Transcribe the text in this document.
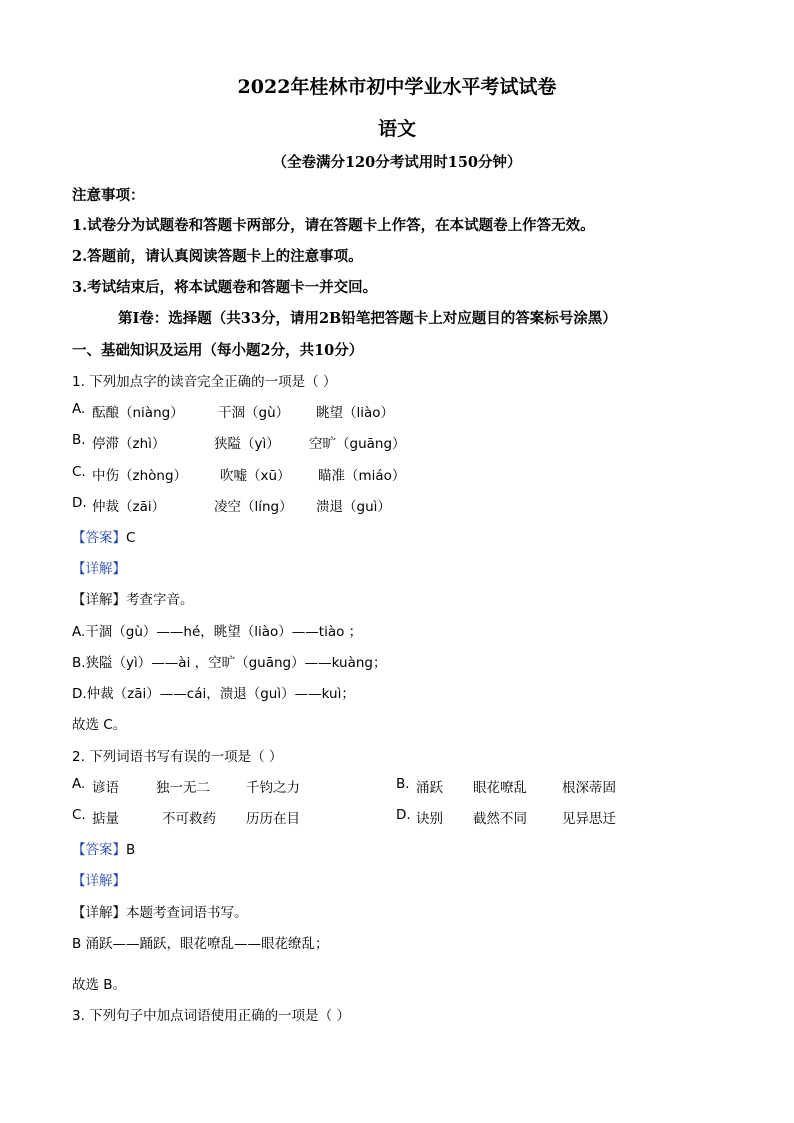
2022年桂林市初中学业水平考试试卷
语文
（全卷满分120分考试用时150分钟）
注意事项：
1.试卷分为试题卷和答题卡两部分，请在答题卡上作答，在本试题卷上作答无效。
2.答题前，请认真阅读答题卡上的注意事项。
3.考试结束后，将本试题卷和答题卡一并交回。
第Ⅰ卷：选择题（共33分，请用2B铅笔把答题卡上对应题目的答案标号涂黑）
一、基础知识及运用（每小题2分，共10分）
1. 下列加点字的读音完全正确的一项是（ ）
A. 酝酿（niàng）	干涸（gù） 眺望（liào）
B. 停滞（zhì）	狭隘（yì） 空旷（guāng）
C. 中伤（zhòng） 吹嘘（xū） 瞄准（miáo）
D. 仲裁（zāi）	凌空（líng） 溃退（guì）
【答案】C
【详解】
【详解】考查字音。
A.干涸（gù）——hé，眺望（liào）——tiào ；
B.狭隘（yì）——ài ，空旷（guāng）——kuàng；
D.仲裁（zāi）——cái，溃退（guì）——kuì；
故选 C。
2. 下列词语书写有误的一项是（ ）
A. 谚语	独一无二	千钧之力	B. 涌跃 眼花嘹乱	根深蒂固
C. 掂量	不可救药 历历在目	D. 诀别 截然不同	见异思迁
【答案】B
【详解】
【详解】本题考查词语书写。
B 涌跃——踊跃，眼花嘹乱——眼花缭乱；
故选 B。
3. 下列句子中加点词语使用正确的一项是（ ）
